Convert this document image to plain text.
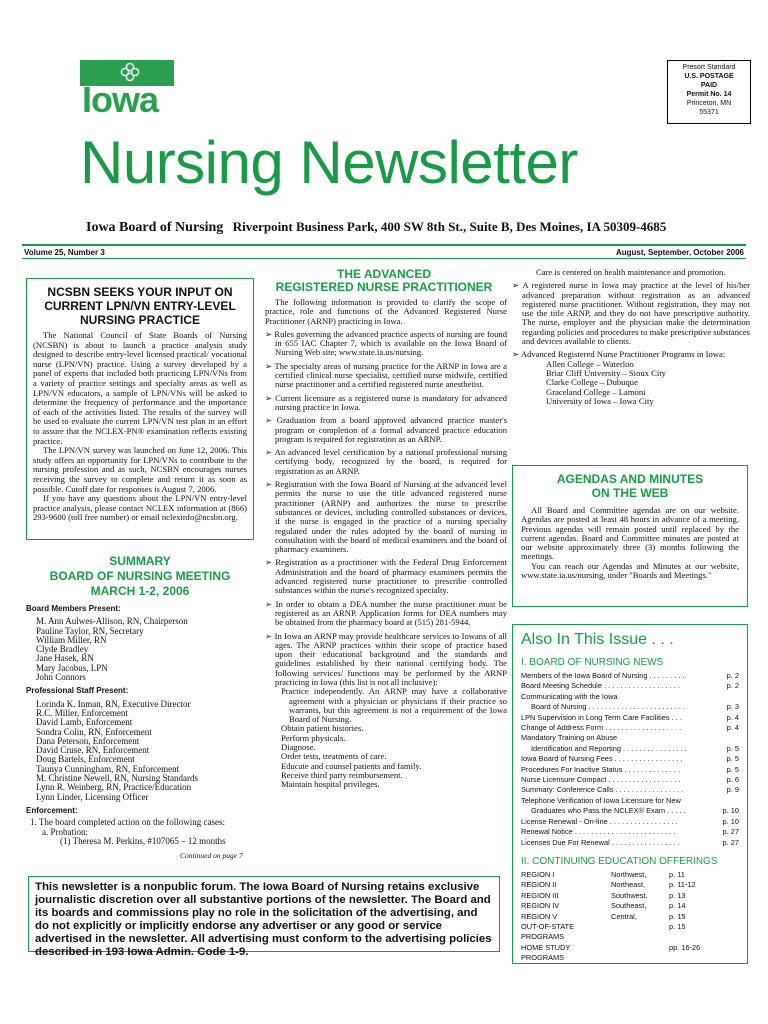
Iowa
Presort Standard
U.S. POSTAGE
PAID
Permit No. 14
Princeton, MN
55371
Nursing Newsletter
Iowa Board of Nursing Riverpoint Business Park, 400 SW 8th St., Suite B, Des Moines, IA 50309-4685
Volume 25, Number 3	August, September, October 2006
NCSBN SEEKS YOUR INPUT ON CURRENT LPN/VN ENTRY-LEVEL NURSING PRACTICE

The National Council of State Boards of Nursing (NCSBN) is about to launch a practice analysis study designed to describe entry-level licensed practical/ vocational nurse (LPN/VN) practice. Using a survey developed by a panel of experts that included both practicing LPN/VNs from a variety of practice settings and specialty areas as well as LPN/VN educators, a sample of LPN/VNs will be asked to determine the frequency of performance and the importance of each of the activities listed. The results of the survey will be used to evaluate the current LPN/VN test plan in an effort to assure that the NCLEX-PN® examination reflects existing practice.

The LPN/VN survey was launched on June 12, 2006. This study offers an opportunity for LPN/VNs to contribute to the nursing profession and as such, NCSBN encourages nurses receiving the survey to complete and return it as soon as possible. Cutoff date for responses is August 7, 2006.

If you have any questions about the LPN/VN entry-level practice analysis, please contact NCLEX information at (866) 293-9600 (toll free number) or email nclexinfo@ncsbn.org.

SUMMARY
BOARD OF NURSING MEETING
MARCH 1-2, 2006

Board Members Present:

M. Ann Aulwes-Allison, RN, Chairperson
Pauline Taylor, RN, Secretary
William Miller, RN
Clyde Bradley
Jane Hasek, RN
Mary Jacobus, LPN
John Connors

Professional Staff Present:

Lorinda K. Inman, RN, Executive Director
R.C. Miller, Enforcement
David Lamb, Enforcement
Sondra Colin, RN, Enforcement
Dana Peterson, Enforcement
David Cruse, RN, Enforcement
Doug Bartels, Enforcement
Taunya Cunningham, RN, Enforcement
M. Christine Newell, RN, Nursing Standards
Lynn R. Weinberg, RN, Practice/Education
Lynn Linder, Licensing Officer

Enforcement:

1. The board completed action on the following cases:
a. Probation:
(1) Theresa M. Perkins, #107065 – 12 months
Continued on page 7
THE ADVANCED
REGISTERED NURSE PRACTITIONER

The following information is provided to clarify the scope of practice, role and functions of the Advanced Registered Nurse Practitioner (ARNP) practicing in Iowa.

➢ Rules governing the advanced practice aspects of nursing are found in 655 IAC Chapter 7, which is available on the Iowa Board of Nursing Web site; www.state.ia.us/nursing.

➢ The specialty areas of nursing practice for the ARNP in Iowa are a certified clinical nurse specialist, certified nurse midwife, certified nurse practitioner and a certified registered nurse anesthetist.

➢ Current licensure as a registered nurse is mandatory for advanced nursing practice in Iowa.

➢ Graduation from a board approved advanced practice master's program or completion of a formal advanced practice education program is required for registration as an ARNP.

➢ An advanced level certification by a national professional nursing certifying body, recognized by the board, is required for registration as an ARNP.

➢ Registration with the Iowa Board of Nursing at the advanced level permits the nurse to use the title advanced registered nurse practitioner (ARNP) and authorizes the nurse to prescribe substances or devices, including controlled substances or devices, if the nurse is engaged in the practice of a nursing specialty regulated under the rules adopted by the board of nursing in consultation with the board of medical examiners and the board of pharmacy examiners.

➢ Registration as a practitioner with the Federal Drug Enforcement Administration and the board of pharmacy examiners permits the advanced registered nurse practitioner to prescribe controlled substances within the nurse's recognized specialty.

➢ In order to obtain a DEA number the nurse practitioner must be registered as an ARNP. Application forms for DEA numbers may be obtained from the pharmacy board at (515) 281-5944.

➢ In Iowa an ARNP may provide healthcare services to Iowans of all ages. The ARNP practices within their scope of practice based upon their educational background and the standards and guidelines established by their national certifying body. The following services/ functions may be performed by the ARNP practicing in Iowa (this list is not all inclusive):

Practice independently. An ARNP may have a collaborative agreement with a physician or physicians if their practice so warrants, but this agreement is not a requirement of the Iowa Board of Nursing.

Obtain patient histories.

Perform physicals.

Diagnose.

Order tests, treatments of care.

Educate and counsel patients and family.

Receive third party reimbursement.

Maintain hospital privileges.

Care is centered on health maintenance and promotion.

➢ A registered nurse in Iowa may practice at the level of his/her advanced preparation without registration as an advanced registered nurse practitioner. Without registration, they may not use the title ARNP, and they do not have prescriptive authority. The nurse, employer and the physician make the determination regarding policies and procedures to make prescriptive substances and devices available to clients.

➢ Advanced Registered Nurse Practitioner Programs in Iowa:

Allen College – Waterloo
Briar Cliff University – Sioux City
Clarke College – Dubuque
Graceland College – Lamoni
University of Iowa – Iowa City
AGENDAS AND MINUTES
ON THE WEB

All Board and Committee agendas are on our website. Agendas are posted at least 48 hours in advance of a meeting. Previous agendas will remain posted until replaced by the current agendas. Board and Committee minutes are posted at our website approximately three (3) months following the meetings.

You can reach our Agendas and Minutes at our website, www.state.ia.us/nursing, under "Boards and Meetings."

Also In This Issue . . .
I. BOARD OF NURSING NEWS
Members of the Iowa Board of Nursing . . . . . . . . .	p. 2
Board Meeting Schedule . . . . . . . . . . . . . . . . . . .	p. 2
Communicating with the Iowa
Board of Nursing . . . . . . . . . . . . . . . . . . . . . . . .	p. 3
LPN Supervision in Long Term Care Facilities . . .	p. 4
Change of Address Form . . . . . . . . . . . . . . . . . . .	p. 4
Mandatory Training on Abuse
Identification and Reporting . . . . . . . . . . . . . . . .	p. 5
Iowa Board of Nursing Fees . . . . . . . . . . . . . . . . .	p. 5
Procedures For Inactive Status . . . . . . . . . . . . . .	p. 5
Nurse Licensure Compact . . . . . . . . . . . . . . . . . .	p. 6
Summary: Conference Calls . . . . . . . . . . . . . . . . .	p. 9
Telephone Verification of Iowa Licensure for New
Graduates who Pass the NCLEX® Exam . . . . .	p. 10
License Renewal - On-line . . . . . . . . . . . . . . . . .	p. 10
Renewal Notice . . . . . . . . . . . . . . . . . . . . . . . . .	p. 27
Licenses Due For Renewal . . . . . . . . . . . . . . . . .	p. 27
II. CONTINUING EDUCATION OFFERINGS
REGION I	Northwest,	p. 11
REGION II	Northeast,	p. 11-12
REGION III	Southwest,	p. 13
REGION IV	Southeast,	p. 14
REGION V	Central,	p. 15
OUT-OF-STATE PROGRAMS
p. 15
HOME STUDY PROGRAMS
pp. 16-26
This newsletter is a nonpublic forum. The Iowa Board of Nursing retains exclusive journalistic discretion over all substantive portions of the newsletter. The Board and its boards and commissions play no role in the solicitation of the advertising, and do not explicitly or implicitly endorse any advertiser or any good or service advertised in the newsletter. All advertising must conform to the advertising policies described in 193 Iowa Admin. Code 1-9.
